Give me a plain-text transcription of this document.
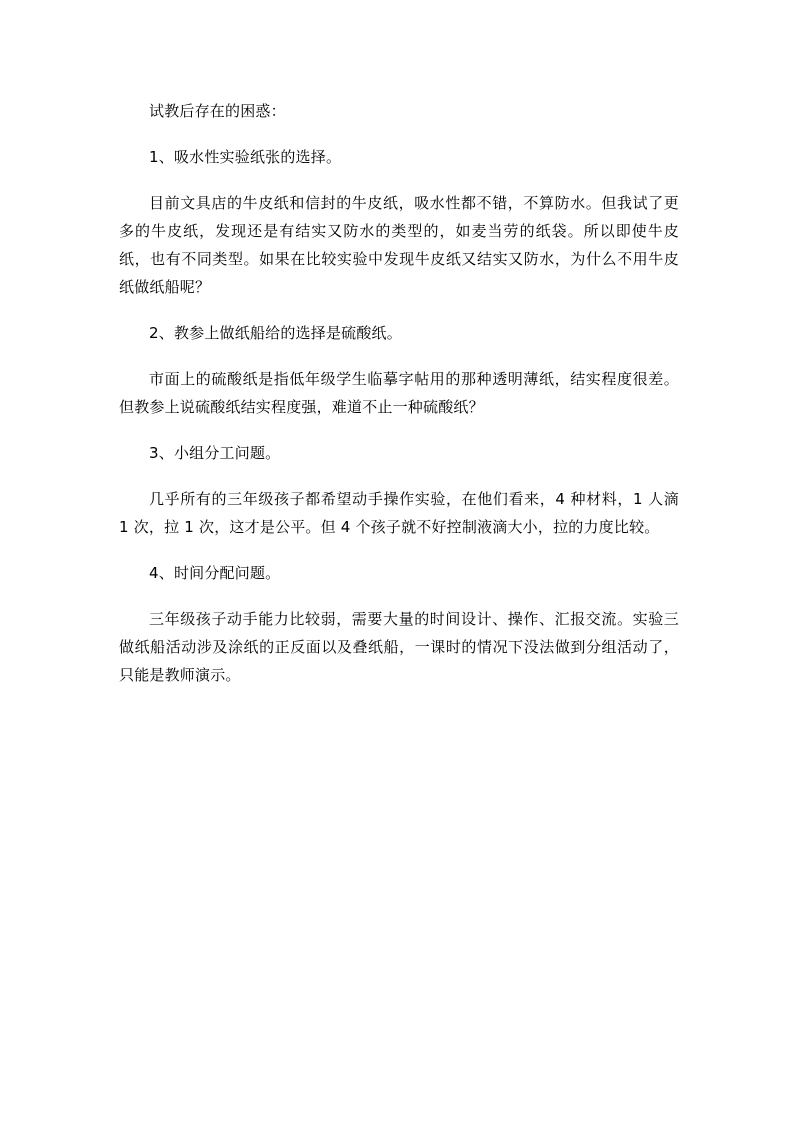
试教后存在的困惑：

1、吸水性实验纸张的选择。

目前文具店的牛皮纸和信封的牛皮纸，吸水性都不错，不算防水。但我试了更多的牛皮纸，发现还是有结实又防水的类型的，如麦当劳的纸袋。所以即使牛皮纸，也有不同类型。如果在比较实验中发现牛皮纸又结实又防水，为什么不用牛皮纸做纸船呢？

2、教参上做纸船给的选择是硫酸纸。

市面上的硫酸纸是指低年级学生临摹字帖用的那种透明薄纸，结实程度很差。但教参上说硫酸纸结实程度强，难道不止一种硫酸纸？

3、小组分工问题。

几乎所有的三年级孩子都希望动手操作实验，在他们看来，4 种材料，1 人滴 1 次，拉 1 次，这才是公平。但 4 个孩子就不好控制液滴大小，拉的力度比较。

4、时间分配问题。

三年级孩子动手能力比较弱，需要大量的时间设计、操作、汇报交流。实验三做纸船活动涉及涂纸的正反面以及叠纸船，一课时的情况下没法做到分组活动了，只能是教师演示。
